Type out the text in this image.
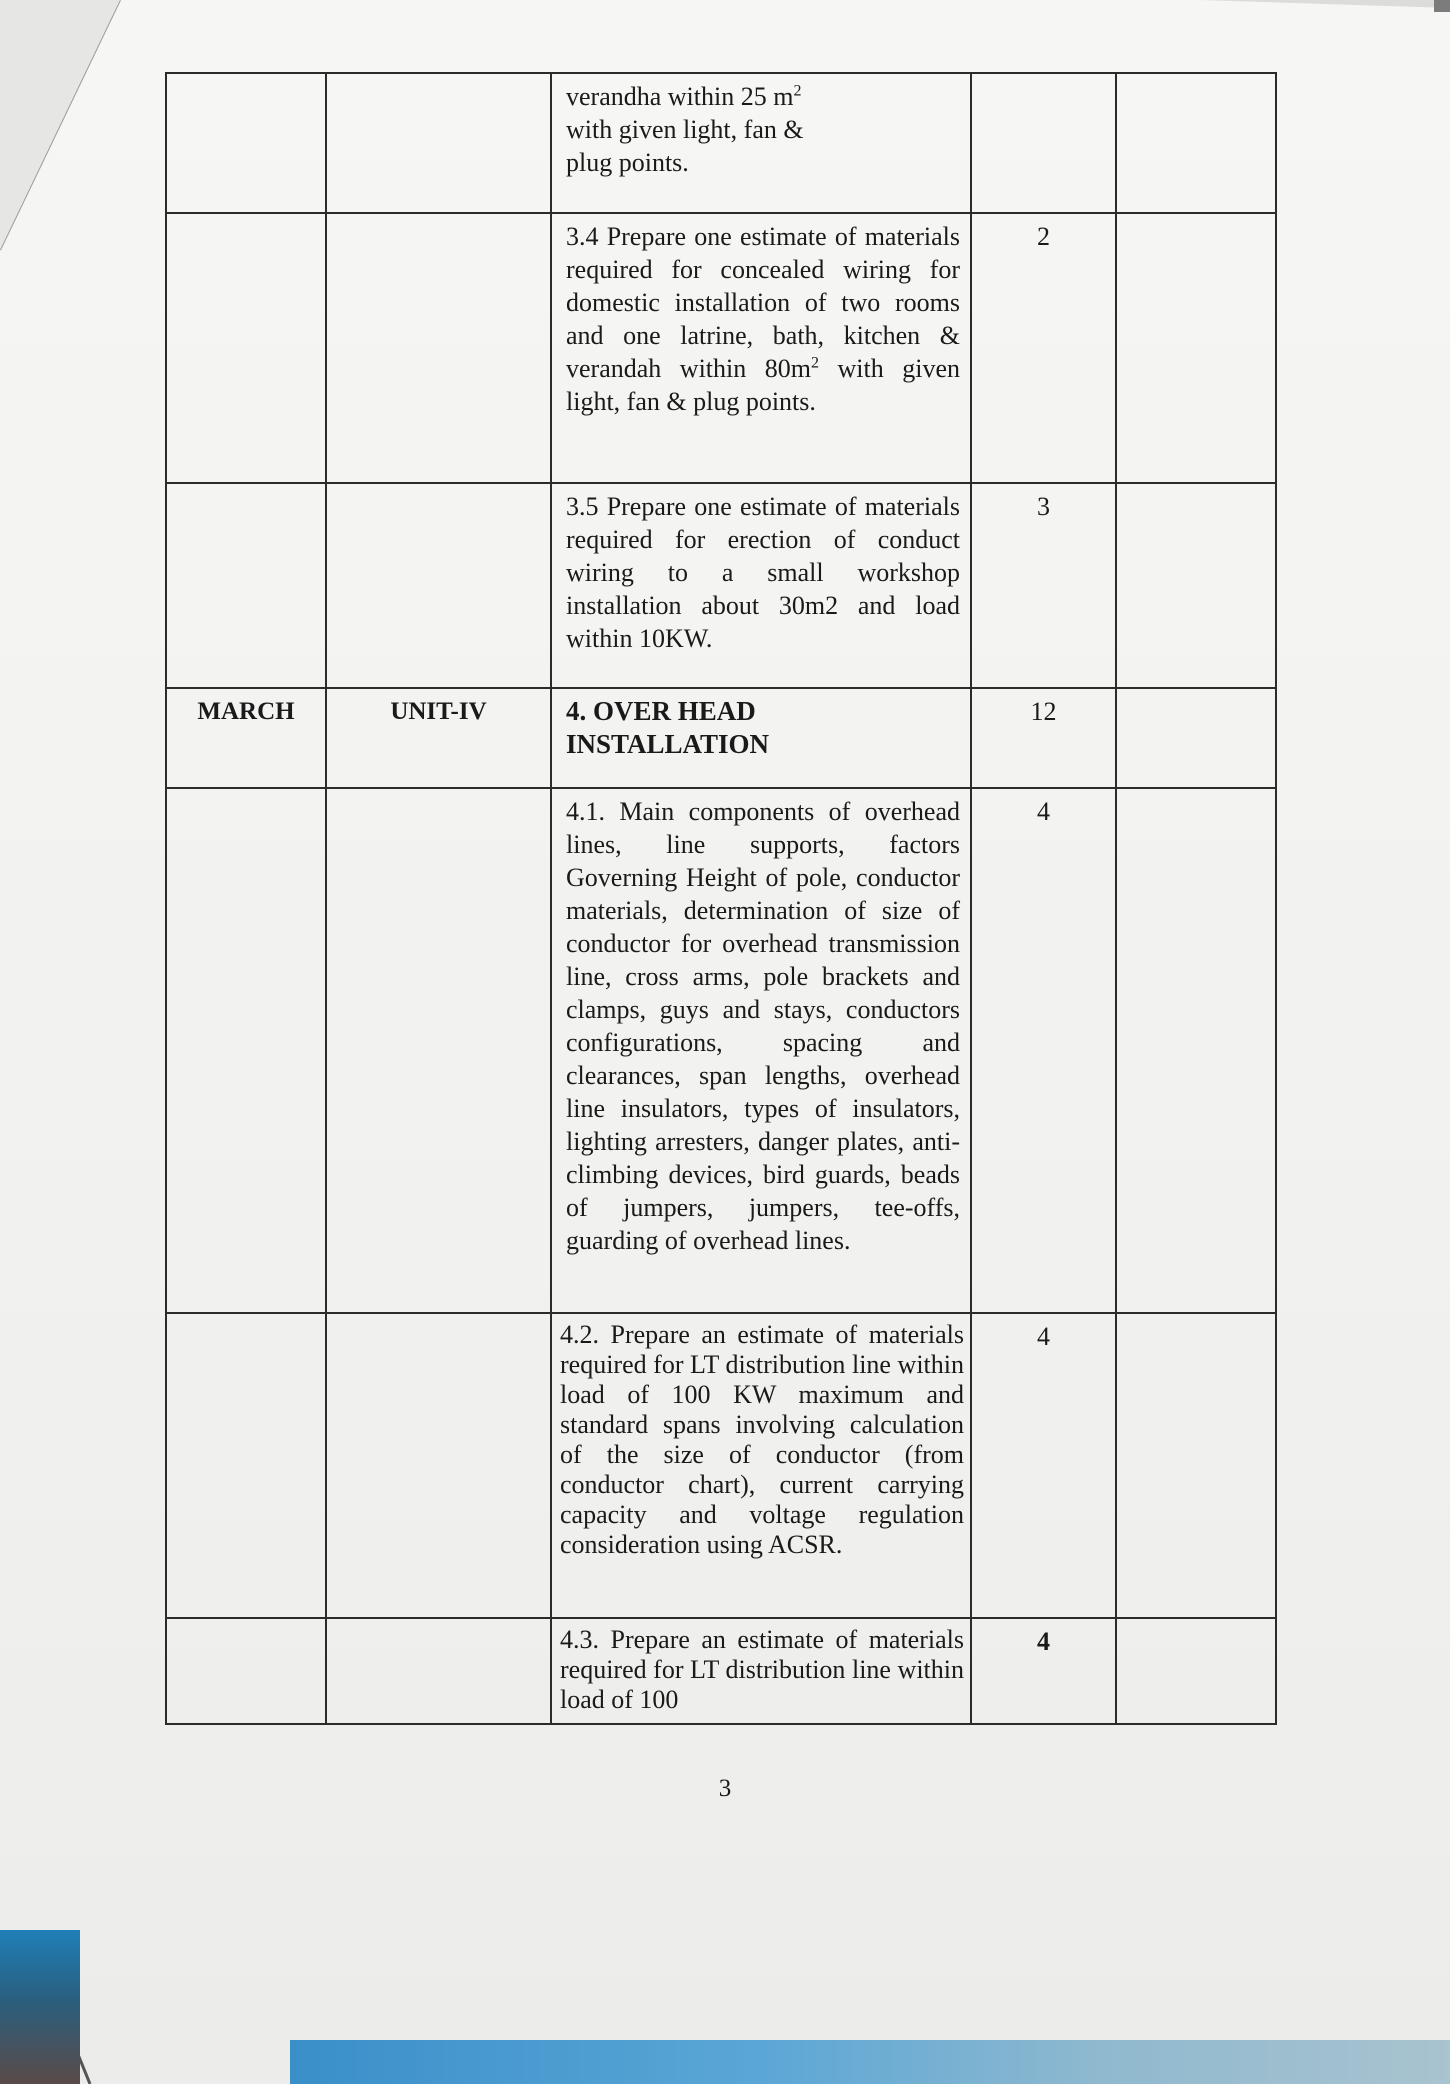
		verandha within 25 $m^2$
with given light, fan & plug points.		

		3.4 Prepare one estimate of materials required for concealed wiring for domestic installation of two rooms and one latrine, bath, kitchen & verandah within $80m^2$ with given light, fan & plug points.	2	

		3.5 Prepare one estimate of materials required for erection of conduct wiring to a small workshop installation about 30m2 and load within 10KW.	3	

MARCH	UNIT-IV	4. OVER HEAD INSTALLATION	12	

		4.1. Main components of overhead lines, line supports, factors Governing Height of pole, conductor materials, determination of size of conductor for overhead transmission line, cross arms, pole brackets and clamps, guys and stays, conductors configurations, spacing and clearances, span lengths, overhead line insulators, types of insulators, lighting arresters, danger plates, anti-climbing devices, bird guards, beads of jumpers, jumpers, tee-offs, guarding of overhead lines.	4	

		4.2. Prepare an estimate of materials required for LT distribution line within load of 100 KW maximum and standard spans involving calculation of the size of conductor (from conductor chart), current carrying capacity and voltage regulation consideration using ACSR.	4	

		4.3. Prepare an estimate of materials required for LT distribution line within load of 100	4	

3
